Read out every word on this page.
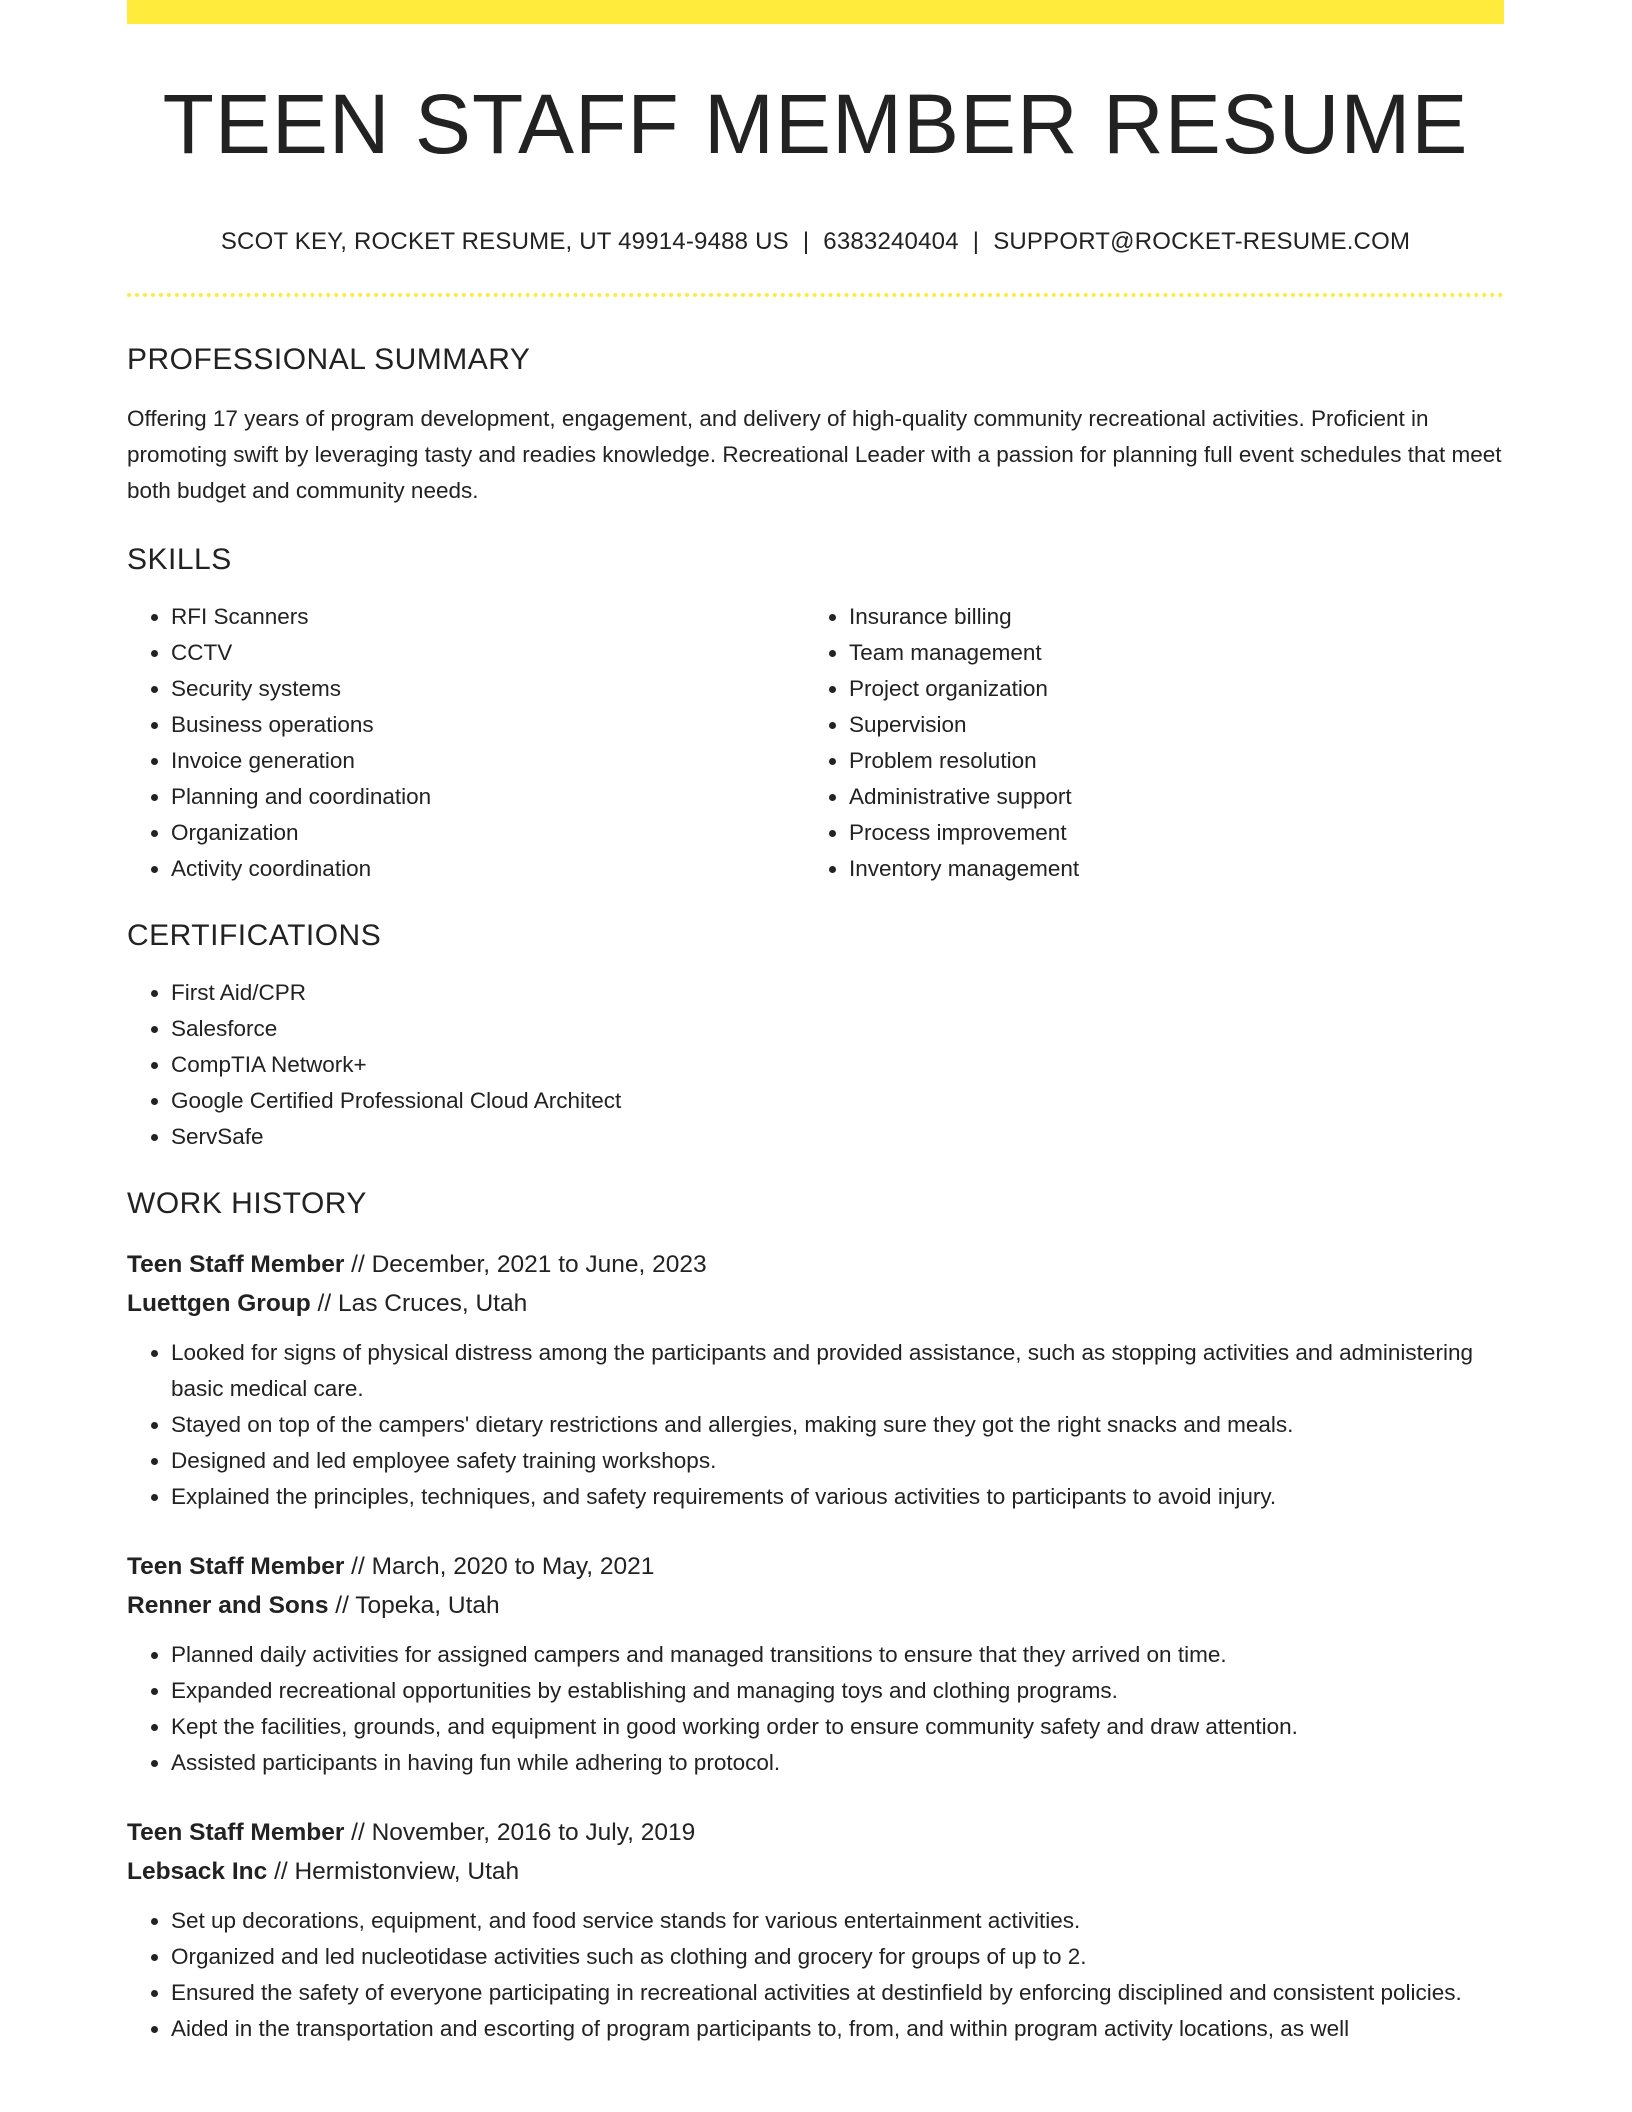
TEEN STAFF MEMBER RESUME
SCOT KEY, ROCKET RESUME, UT 49914-9488 US | 6383240404 | SUPPORT@ROCKET-RESUME.COM
PROFESSIONAL SUMMARY
Offering 17 years of program development, engagement, and delivery of high-quality community recreational activities. Proficient in promoting swift by leveraging tasty and readies knowledge. Recreational Leader with a passion for planning full event schedules that meet both budget and community needs.
SKILLS
• RFI Scanners
• CCTV
• Security systems
• Business operations
• Invoice generation
• Planning and coordination
• Organization
• Activity coordination
• Insurance billing
• Team management
• Project organization
• Supervision
• Problem resolution
• Administrative support
• Process improvement
• Inventory management
CERTIFICATIONS
• First Aid/CPR
• Salesforce
• CompTIA Network+
• Google Certified Professional Cloud Architect
• ServSafe
WORK HISTORY
Teen Staff Member // December, 2021 to June, 2023
Luettgen Group // Las Cruces, Utah
• Looked for signs of physical distress among the participants and provided assistance, such as stopping activities and administering basic medical care.
• Stayed on top of the campers' dietary restrictions and allergies, making sure they got the right snacks and meals.
• Designed and led employee safety training workshops.
• Explained the principles, techniques, and safety requirements of various activities to participants to avoid injury.
Teen Staff Member // March, 2020 to May, 2021
Renner and Sons // Topeka, Utah
• Planned daily activities for assigned campers and managed transitions to ensure that they arrived on time.
• Expanded recreational opportunities by establishing and managing toys and clothing programs.
• Kept the facilities, grounds, and equipment in good working order to ensure community safety and draw attention.
• Assisted participants in having fun while adhering to protocol.
Teen Staff Member // November, 2016 to July, 2019
Lebsack Inc // Hermistonview, Utah
• Set up decorations, equipment, and food service stands for various entertainment activities.
• Organized and led nucleotidase activities such as clothing and grocery for groups of up to 2.
• Ensured the safety of everyone participating in recreational activities at destinfield by enforcing disciplined and consistent policies.
• Aided in the transportation and escorting of program participants to, from, and within program activity locations, as well
